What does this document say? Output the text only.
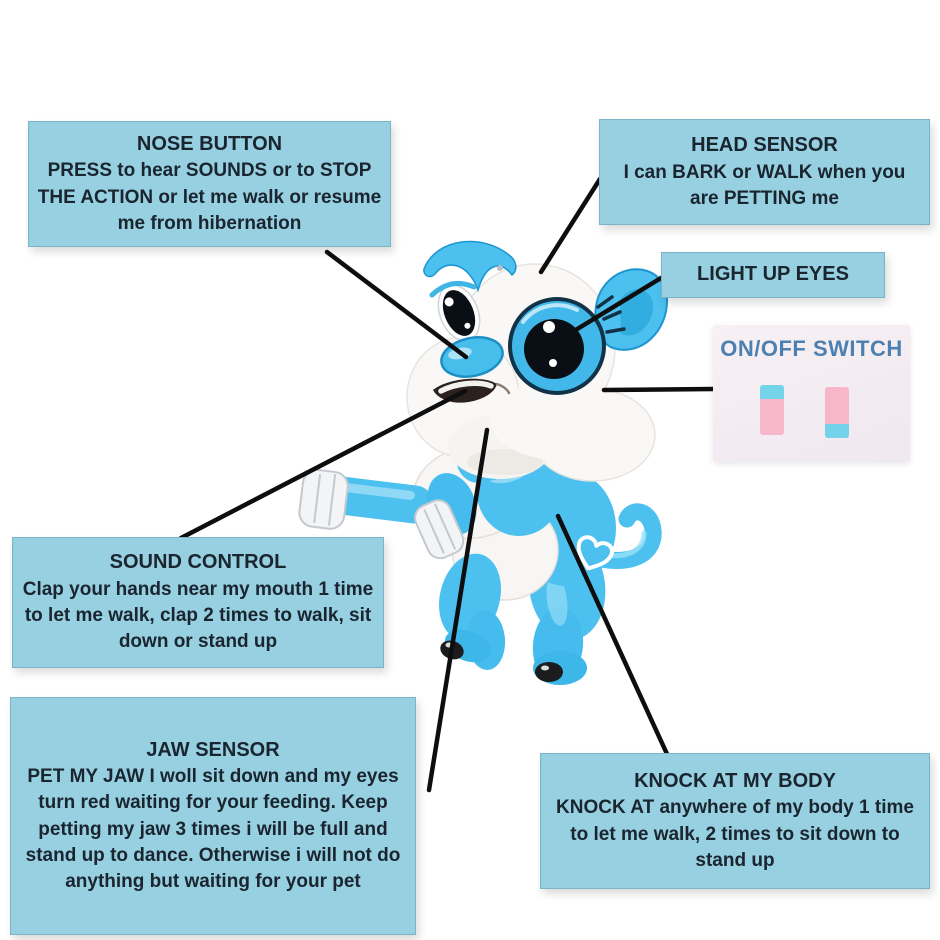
NOSE BUTTON
PRESS to hear SOUNDS or to STOP THE ACTION or let me walk or resume me from hibernation
HEAD SENSOR
I can BARK or WALK when you are PETTING me
LIGHT UP EYES
SOUND CONTROL
Clap your hands near my mouth 1 time to let me walk, clap 2 times to walk, sit down or stand up
JAW SENSOR
PET MY JAW I woll sit down and my eyes turn red waiting for your feeding. Keep petting my jaw 3 times i will be full and stand up to dance. Otherwise i will not do anything but waiting for your pet
KNOCK AT MY BODY
KNOCK AT anywhere of my body 1 time to let me walk, 2 times to sit down to stand up
ON/OFF SWITCH
